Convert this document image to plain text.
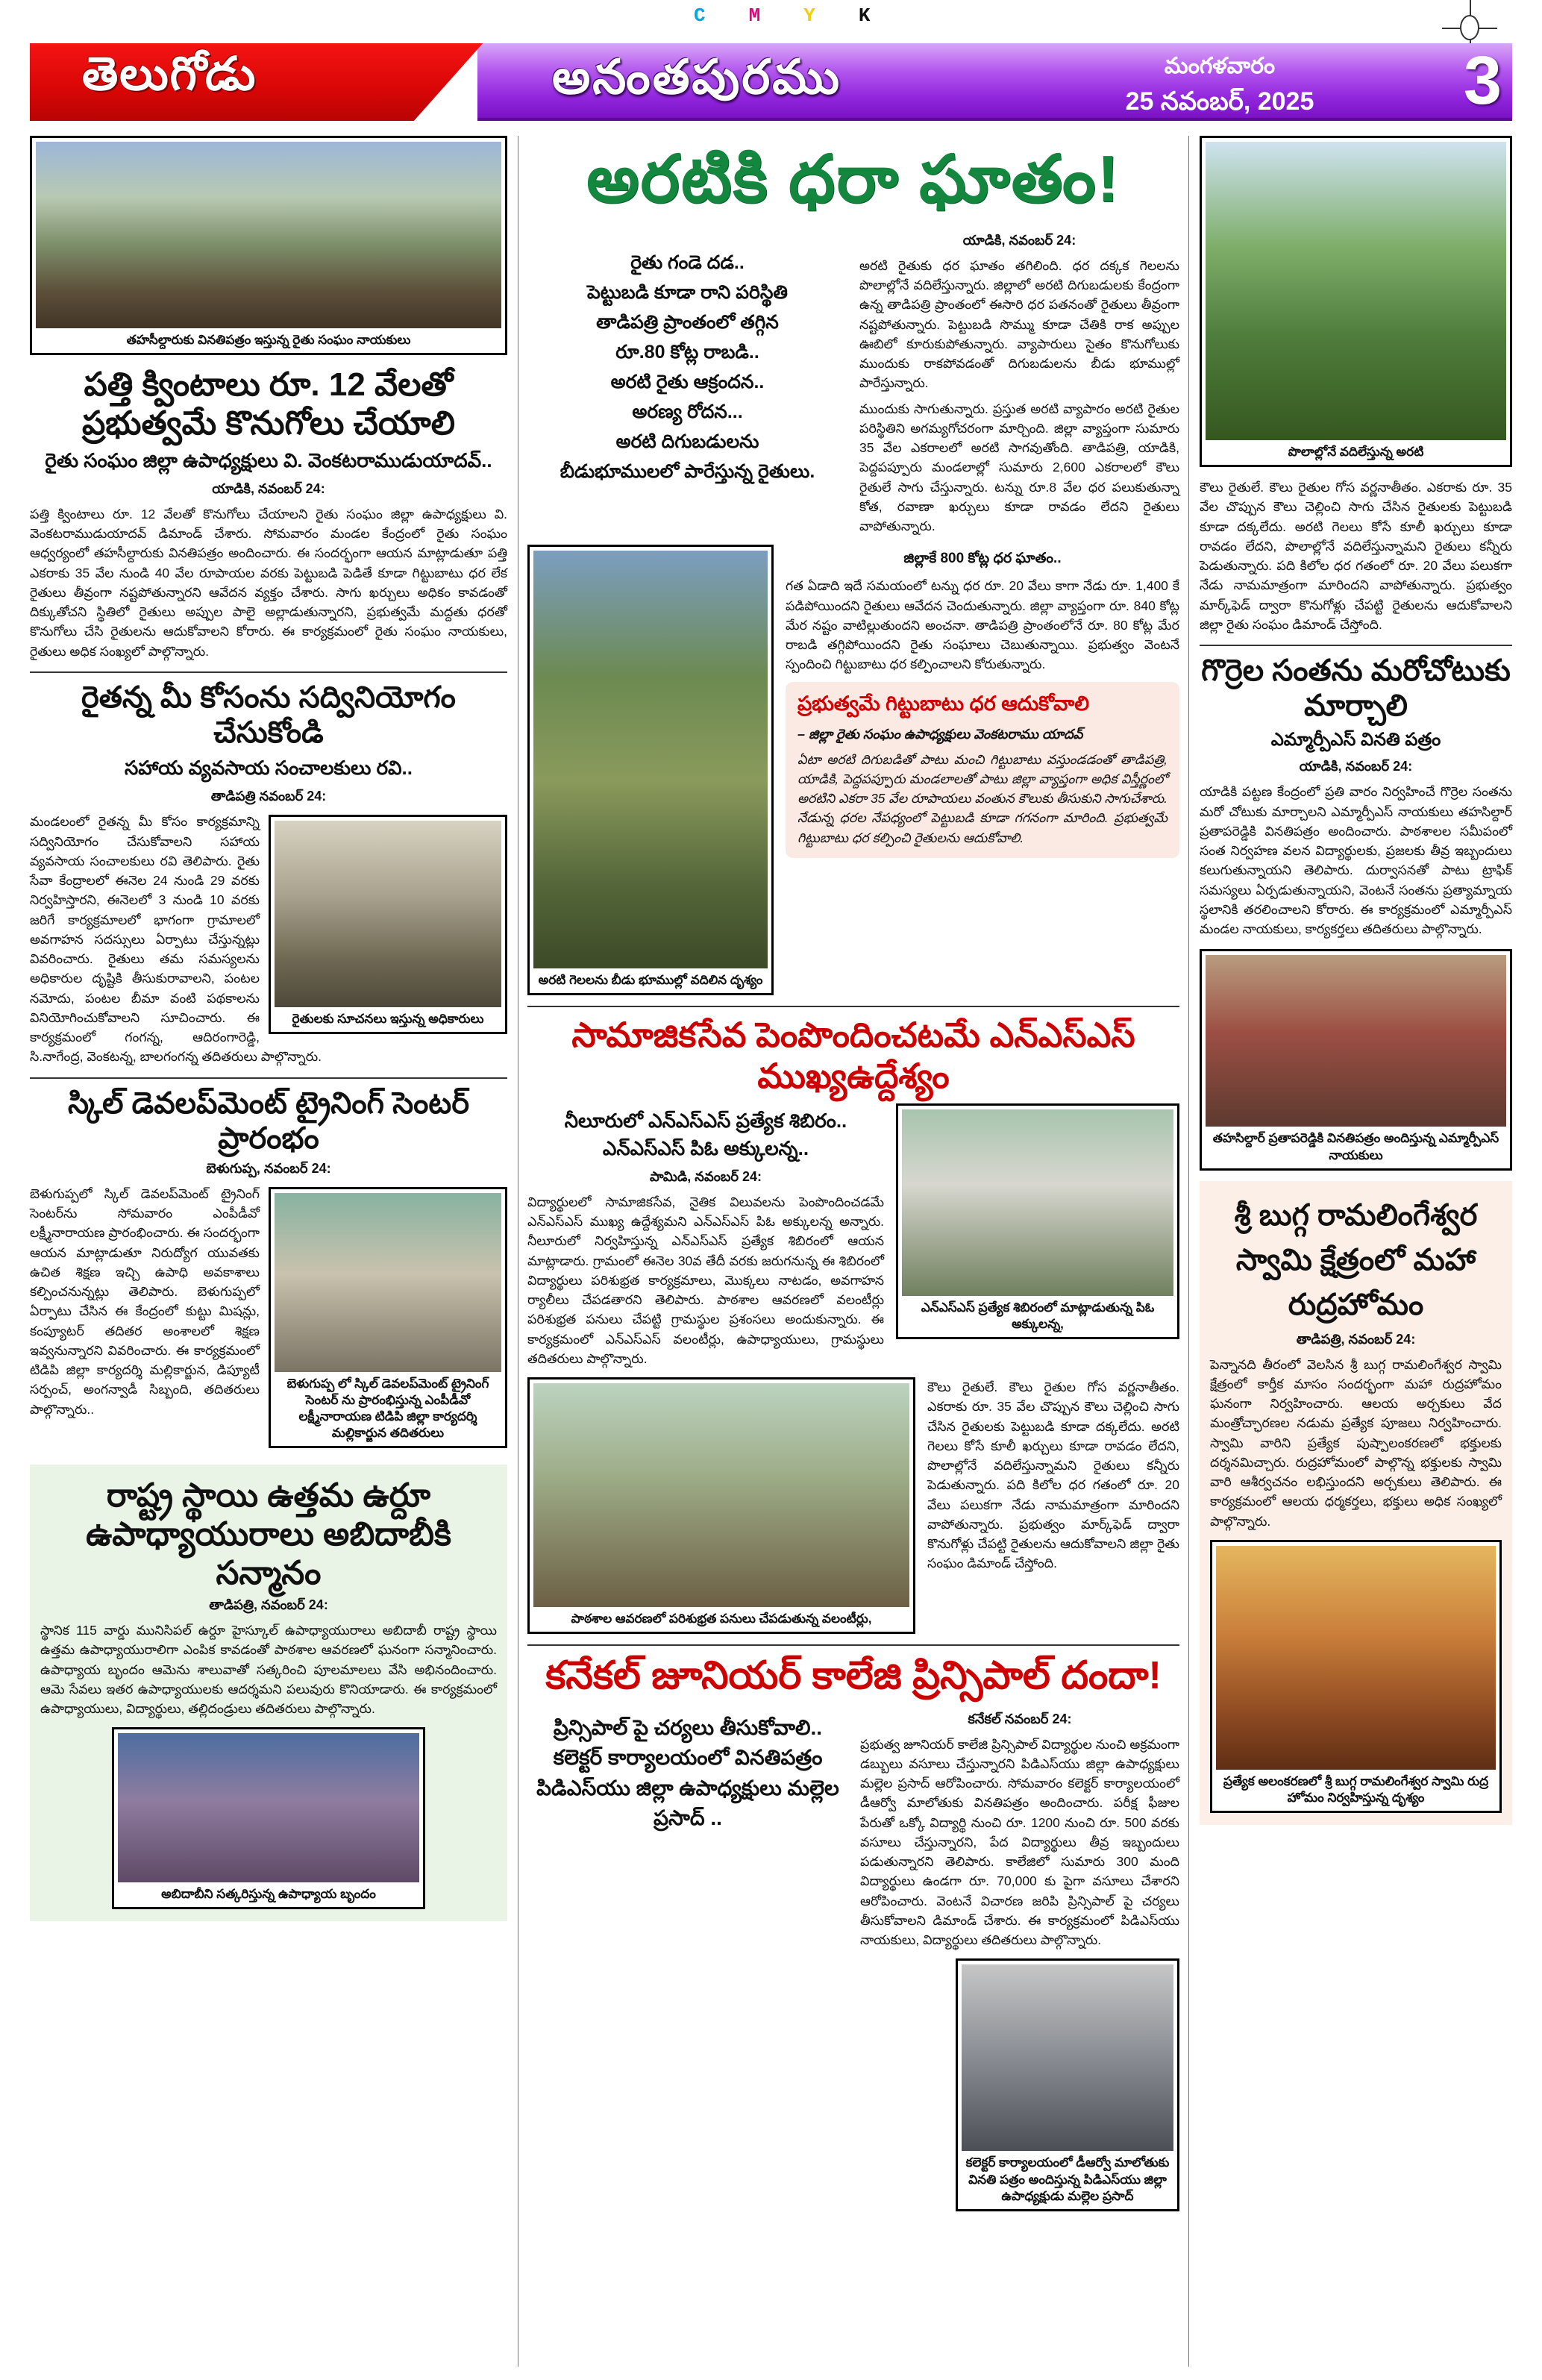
C M Y K
తెలుగోడు	అనంతపురము	మంగళవారం
25 నవంబర్, 2025	3
తహసీల్దారుకు వినతిపత్రం ఇస్తున్న రైతు సంఘం నాయకులు
పత్తి క్వింటాలు రూ. 12 వేలతో ప్రభుత్వమే కొనుగోలు చేయాలి
రైతు సంఘం జిల్లా ఉపాధ్యక్షులు వి. వెంకటరాముడుయాదవ్..
యాడికి, నవంబర్ 24:
పత్తి క్వింటాలు రూ. 12 వేలతో కొనుగోలు చేయాలని రైతు సంఘం జిల్లా ఉపాధ్యక్షులు వి. వెంకటరాముడుయాదవ్ డిమాండ్ చేశారు. సోమవారం మండల కేంద్రంలో రైతు సంఘం ఆధ్వర్యంలో తహసీల్దారుకు వినతిపత్రం అందించారు. ఈ సందర్భంగా ఆయన మాట్లాడుతూ పత్తి ఎకరాకు 35 వేల నుండి 40 వేల రూపాయల వరకు పెట్టుబడి పెడితే కూడా గిట్టుబాటు ధర లేక రైతులు తీవ్రంగా నష్టపోతున్నారని ఆవేదన వ్యక్తం చేశారు. సాగు ఖర్చులు అధికం కావడంతో దిక్కుతోచని స్థితిలో రైతులు అప్పుల పాలై అల్లాడుతున్నారని, ప్రభుత్వమే మద్దతు ధరతో కొనుగోలు చేసి రైతులను ఆదుకోవాలని కోరారు. ఈ కార్యక్రమంలో రైతు సంఘం నాయకులు, రైతులు అధిక సంఖ్యలో పాల్గొన్నారు.
రైతన్న మీ కోసంను సద్వినియోగం చేసుకోండి
సహాయ వ్యవసాయ సంచాలకులు రవి..
తాడిపత్రి నవంబర్ 24:
రైతులకు సూచనలు ఇస్తున్న అధికారులు
మండలంలో రైతన్న మీ కోసం కార్యక్రమాన్ని సద్వినియోగం చేసుకోవాలని సహాయ వ్యవసాయ సంచాలకులు రవి తెలిపారు. రైతు సేవా కేంద్రాలలో ఈనెల 24 నుండి 29 వరకు నిర్వహిస్తారని, ఈనెలలో 3 నుండి 10 వరకు జరిగే కార్యక్రమాలలో భాగంగా గ్రామాలలో అవగాహన సదస్సులు ఏర్పాటు చేస్తున్నట్లు వివరించారు. రైతులు తమ సమస్యలను అధికారుల దృష్టికి తీసుకురావాలని, పంటల నమోదు, పంటల బీమా వంటి పథకాలను వినియోగించుకోవాలని సూచించారు. ఈ కార్యక్రమంలో గంగన్న, ఆదిరంగారెడ్డి, సి.నాగేంద్ర, వెంకటన్న, బాలగంగన్న తదితరులు పాల్గొన్నారు.
స్కిల్ డెవలప్‌మెంట్ ట్రైనింగ్ సెంటర్ ప్రారంభం
బెళుగుప్ప, నవంబర్ 24:
బెళుగుప్ప లో స్కిల్ డెవలప్‌మెంట్ ట్రైనింగ్ సెంటర్ ను ప్రారంభిస్తున్న ఎంపీడీవో లక్ష్మీనారాయణ టిడిపి జిల్లా కార్యదర్శి మల్లికార్జున తదితరులు
బెళుగుప్పలో స్కిల్ డెవలప్‌మెంట్ ట్రైనింగ్ సెంటర్‌ను సోమవారం ఎంపీడీవో లక్ష్మీనారాయణ ప్రారంభించారు. ఈ సందర్భంగా ఆయన మాట్లాడుతూ నిరుద్యోగ యువతకు ఉచిత శిక్షణ ఇచ్చి ఉపాధి అవకాశాలు కల్పించనున్నట్లు తెలిపారు. బెళుగుప్పలో ఏర్పాటు చేసిన ఈ కేంద్రంలో కుట్టు మిషన్లు, కంప్యూటర్ తదితర అంశాలలో శిక్షణ ఇవ్వనున్నారని వివరించారు. ఈ కార్యక్రమంలో టిడిపి జిల్లా కార్యదర్శి మల్లికార్జున, డిప్యూటీ సర్పంచ్, అంగన్వాడీ సిబ్బంది, తదితరులు పాల్గొన్నారు..
రాష్ట్ర స్థాయి ఉత్తమ ఉర్దూ ఉపాధ్యాయురాలు అబిదాబీకి సన్మానం
తాడిపత్రి, నవంబర్ 24:
స్థానిక 115 వార్డు మునిసిపల్ ఉర్దూ హైస్కూల్ ఉపాధ్యాయురాలు అబిదాబీ రాష్ట్ర స్థాయి ఉత్తమ ఉపాధ్యాయురాలిగా ఎంపిక కావడంతో పాఠశాల ఆవరణలో ఘనంగా సన్మానించారు. ఉపాధ్యాయ బృందం ఆమెను శాలువాతో సత్కరించి పూలమాలలు వేసి అభినందించారు. ఆమె సేవలు ఇతర ఉపాధ్యాయులకు ఆదర్శమని పలువురు కొనియాడారు. ఈ కార్యక్రమంలో ఉపాధ్యాయులు, విద్యార్థులు, తల్లిదండ్రులు తదితరులు పాల్గొన్నారు.
అబిదాబీని సత్కరిస్తున్న ఉపాధ్యాయ బృందం
అరటికి ధరా ఘాతం!
రైతు గండె దడ..
పెట్టుబడి కూడా రాని పరిస్థితి
తాడిపత్రి ప్రాంతంలో తగ్గిన
రూ.80 కోట్ల రాబడి..
అరటి రైతు ఆక్రందన..
అరణ్య రోదన...
అరటి దిగుబడులను
బీడుభూములలో పారేస్తున్న రైతులు.
యాడికి, నవంబర్ 24:
అరటి రైతుకు ధర ఘాతం తగిలింది. ధర దక్కక గెలలను పొలాల్లోనే వదిలేస్తున్నారు. జిల్లాలో అరటి దిగుబడులకు కేంద్రంగా ఉన్న తాడిపత్రి ప్రాంతంలో ఈసారి ధర పతనంతో రైతులు తీవ్రంగా నష్టపోతున్నారు. పెట్టుబడి సొమ్ము కూడా చేతికి రాక అప్పుల ఊబిలో కూరుకుపోతున్నారు. వ్యాపారులు సైతం కొనుగోలుకు ముందుకు రాకపోవడంతో దిగుబడులను బీడు భూముల్లో పారేస్తున్నారు.
ముందుకు సాగుతున్నారు. ప్రస్తుత అరటి వ్యాపారం అరటి రైతుల పరిస్థితిని అగమ్యగోచరంగా మార్చింది. జిల్లా వ్యాప్తంగా సుమారు 35 వేల ఎకరాలలో అరటి సాగవుతోంది. తాడిపత్రి, యాడికి, పెద్దపప్పూరు మండలాల్లో సుమారు 2,600 ఎకరాలలో కౌలు రైతులే సాగు చేస్తున్నారు. టన్ను రూ.8 వేల ధర పలుకుతున్నా కోత, రవాణా ఖర్చులు కూడా రావడం లేదని రైతులు వాపోతున్నారు.
అరటి గెలలను బీడు భూముల్లో వదిలిన దృశ్యం
జిల్లాకే 800 కోట్ల ధర ఘాతం..
గత ఏడాది ఇదే సమయంలో టన్ను ధర రూ. 20 వేలు కాగా నేడు రూ. 1,400 కే పడిపోయిందని రైతులు ఆవేదన చెందుతున్నారు. జిల్లా వ్యాప్తంగా రూ. 840 కోట్ల మేర నష్టం వాటిల్లుతుందని అంచనా. తాడిపత్రి ప్రాంతంలోనే రూ. 80 కోట్ల మేర రాబడి తగ్గిపోయిందని రైతు సంఘాలు చెబుతున్నాయి. ప్రభుత్వం వెంటనే స్పందించి గిట్టుబాటు ధర కల్పించాలని కోరుతున్నారు.
ప్రభుత్వమే గిట్టుబాటు ధర ఆదుకోవాలి
– జిల్లా రైతు సంఘం ఉపాధ్యక్షులు వెంకటరాము యాదవ్
ఏటా అరటి దిగుబడితో పాటు మంచి గిట్టుబాటు వస్తుండడంతో తాడిపత్రి, యాడికి, పెద్దపప్పూరు మండలాలతో పాటు జిల్లా వ్యాప్తంగా అధిక విస్తీర్ణంలో అరటిని ఎకరా 35 వేల రూపాయలు వంతున కౌలుకు తీసుకుని సాగుచేశారు. నేడున్న ధరల నేపధ్యంలో పెట్టుబడి కూడా గగనంగా మారింది. ప్రభుత్వమే గిట్టుబాటు ధర కల్పించి రైతులను ఆదుకోవాలి.
సామాజికసేవ పెంపొందించటమే ఎన్ఎస్ఎస్ ముఖ్యఉద్దేశ్యం
నీలూరులో ఎన్ఎస్ఎస్ ప్రత్యేక శిబిరం.. ఎన్ఎస్ఎస్ పిఓ అక్కులన్న..
పామిడి, నవంబర్ 24:
విద్యార్థులలో సామాజికసేవ, నైతిక విలువలను పెంపొందించడమే ఎన్ఎస్ఎస్ ముఖ్య ఉద్దేశ్యమని ఎన్ఎస్ఎస్ పిఓ అక్కులన్న అన్నారు. నీలూరులో నిర్వహిస్తున్న ఎన్ఎస్ఎస్ ప్రత్యేక శిబిరంలో ఆయన మాట్లాడారు. గ్రామంలో ఈనెల 30వ తేదీ వరకు జరుగనున్న ఈ శిబిరంలో విద్యార్థులు పరిశుభ్రత కార్యక్రమాలు, మొక్కలు నాటడం, అవగాహన ర్యాలీలు చేపడతారని తెలిపారు. పాఠశాల ఆవరణలో వలంటీర్లు పరిశుభ్రత పనులు చేపట్టి గ్రామస్థుల ప్రశంసలు అందుకున్నారు. ఈ కార్యక్రమంలో ఎన్ఎస్ఎస్ వలంటీర్లు, ఉపాధ్యాయులు, గ్రామస్థులు తదితరులు పాల్గొన్నారు.
ఎన్ఎస్ఎస్ ప్రత్యేక శిబిరంలో మాట్లాడుతున్న పిఓ అక్కులన్న,
పాఠశాల ఆవరణలో పరిశుభ్రత పనులు చేపడుతున్న వలంటీర్లు,
కౌలు రైతులే. కౌలు రైతుల గోస వర్ణనాతీతం. ఎకరాకు రూ. 35 వేల చొప్పున కౌలు చెల్లించి సాగు చేసిన రైతులకు పెట్టుబడి కూడా దక్కలేదు. అరటి గెలలు కోసే కూలీ ఖర్చులు కూడా రావడం లేదని, పొలాల్లోనే వదిలేస్తున్నామని రైతులు కన్నీరు పెడుతున్నారు. పది కిలోల ధర గతంలో రూ. 20 వేలు పలుకగా నేడు నామమాత్రంగా మారిందని వాపోతున్నారు. ప్రభుత్వం మార్క్‌ఫెడ్ ద్వారా కొనుగోళ్లు చేపట్టి రైతులను ఆదుకోవాలని జిల్లా రైతు సంఘం డిమాండ్ చేస్తోంది.
కనేకల్ జూనియర్ కాలేజి ప్రిన్సిపాల్ దందా!
ప్రిన్సిపాల్ పై చర్యలు తీసుకోవాలి.. కలెక్టర్ కార్యాలయంలో వినతిపత్రం పిడిఎస్‌యు జిల్లా ఉపాధ్యక్షులు మల్లెల ప్రసాద్ ..
కనేకల్ నవంబర్ 24:
ప్రభుత్వ జూనియర్ కాలేజి ప్రిన్సిపాల్ విద్యార్థుల నుంచి అక్రమంగా డబ్బులు వసూలు చేస్తున్నారని పిడిఎస్‌యు జిల్లా ఉపాధ్యక్షులు మల్లెల ప్రసాద్ ఆరోపించారు. సోమవారం కలెక్టర్ కార్యాలయంలో డీఆర్వో మాలోతుకు వినతిపత్రం అందించారు. పరీక్ష ఫీజుల పేరుతో ఒక్కో విద్యార్థి నుంచి రూ. 1200 నుంచి రూ. 500 వరకు వసూలు చేస్తున్నారని, పేద విద్యార్థులు తీవ్ర ఇబ్బందులు పడుతున్నారని తెలిపారు. కాలేజిలో సుమారు 300 మంది విద్యార్థులు ఉండగా రూ. 70,000 కు పైగా వసూలు చేశారని ఆరోపించారు. వెంటనే విచారణ జరిపి ప్రిన్సిపాల్ పై చర్యలు తీసుకోవాలని డిమాండ్ చేశారు. ఈ కార్యక్రమంలో పిడిఎస్‌యు నాయకులు, విద్యార్థులు తదితరులు పాల్గొన్నారు.
కలెక్టర్ కార్యాలయంలో డీఆర్వో మాలోతుకు వినతి పత్రం అందిస్తున్న పిడిఎస్‌యు జిల్లా ఉపాధ్యక్షుడు మల్లెల ప్రసాద్
పొలాల్లోనే వదిలేస్తున్న అరటి
కౌలు రైతులే. కౌలు రైతుల గోస వర్ణనాతీతం. ఎకరాకు రూ. 35 వేల చొప్పున కౌలు చెల్లించి సాగు చేసిన రైతులకు పెట్టుబడి కూడా దక్కలేదు. అరటి గెలలు కోసే కూలీ ఖర్చులు కూడా రావడం లేదని, పొలాల్లోనే వదిలేస్తున్నామని రైతులు కన్నీరు పెడుతున్నారు. పది కిలోల ధర గతంలో రూ. 20 వేలు పలుకగా నేడు నామమాత్రంగా మారిందని వాపోతున్నారు. ప్రభుత్వం మార్క్‌ఫెడ్ ద్వారా కొనుగోళ్లు చేపట్టి రైతులను ఆదుకోవాలని జిల్లా రైతు సంఘం డిమాండ్ చేస్తోంది.
గొర్రెల సంతను మరోచోటుకు మార్చాలి
ఎమ్మార్పీఎస్ వినతి పత్రం
యాడికి, నవంబర్ 24:
యాడికి పట్టణ కేంద్రంలో ప్రతి వారం నిర్వహించే గొర్రెల సంతను మరో చోటుకు మార్చాలని ఎమ్మార్పీఎస్ నాయకులు తహసిల్దార్ ప్రతాపరెడ్డికి వినతిపత్రం అందించారు. పాఠశాలల సమీపంలో సంత నిర్వహణ వలన విద్యార్థులకు, ప్రజలకు తీవ్ర ఇబ్బందులు కలుగుతున్నాయని తెలిపారు. దుర్వాసనతో పాటు ట్రాఫిక్ సమస్యలు ఏర్పడుతున్నాయని, వెంటనే సంతను ప్రత్యామ్నాయ స్థలానికి తరలించాలని కోరారు. ఈ కార్యక్రమంలో ఎమ్మార్పీఎస్ మండల నాయకులు, కార్యకర్తలు తదితరులు పాల్గొన్నారు.
తహసిల్దార్ ప్రతాపరెడ్డికి వినతిపత్రం అందిస్తున్న ఎమ్మార్పీఎస్ నాయకులు
శ్రీ బుగ్గ రామలింగేశ్వర స్వామి క్షేత్రంలో మహా రుద్రహోమం
తాడిపత్రి, నవంబర్ 24:
పెన్నానది తీరంలో వెలసిన శ్రీ బుగ్గ రామలింగేశ్వర స్వామి క్షేత్రంలో కార్తీక మాసం సందర్భంగా మహా రుద్రహోమం ఘనంగా నిర్వహించారు. ఆలయ అర్చకులు వేద మంత్రోచ్ఛారణల నడుమ ప్రత్యేక పూజలు నిర్వహించారు. స్వామి వారిని ప్రత్యేక పుష్పాలంకరణలో భక్తులకు దర్శనమిచ్చారు. రుద్రహోమంలో పాల్గొన్న భక్తులకు స్వామి వారి ఆశీర్వచనం లభిస్తుందని అర్చకులు తెలిపారు. ఈ కార్యక్రమంలో ఆలయ ధర్మకర్తలు, భక్తులు అధిక సంఖ్యలో పాల్గొన్నారు.
ప్రత్యేక అలంకరణలో శ్రీ బుగ్గ రామలింగేశ్వర స్వామి రుద్ర హోమం నిర్వహిస్తున్న దృశ్యం
